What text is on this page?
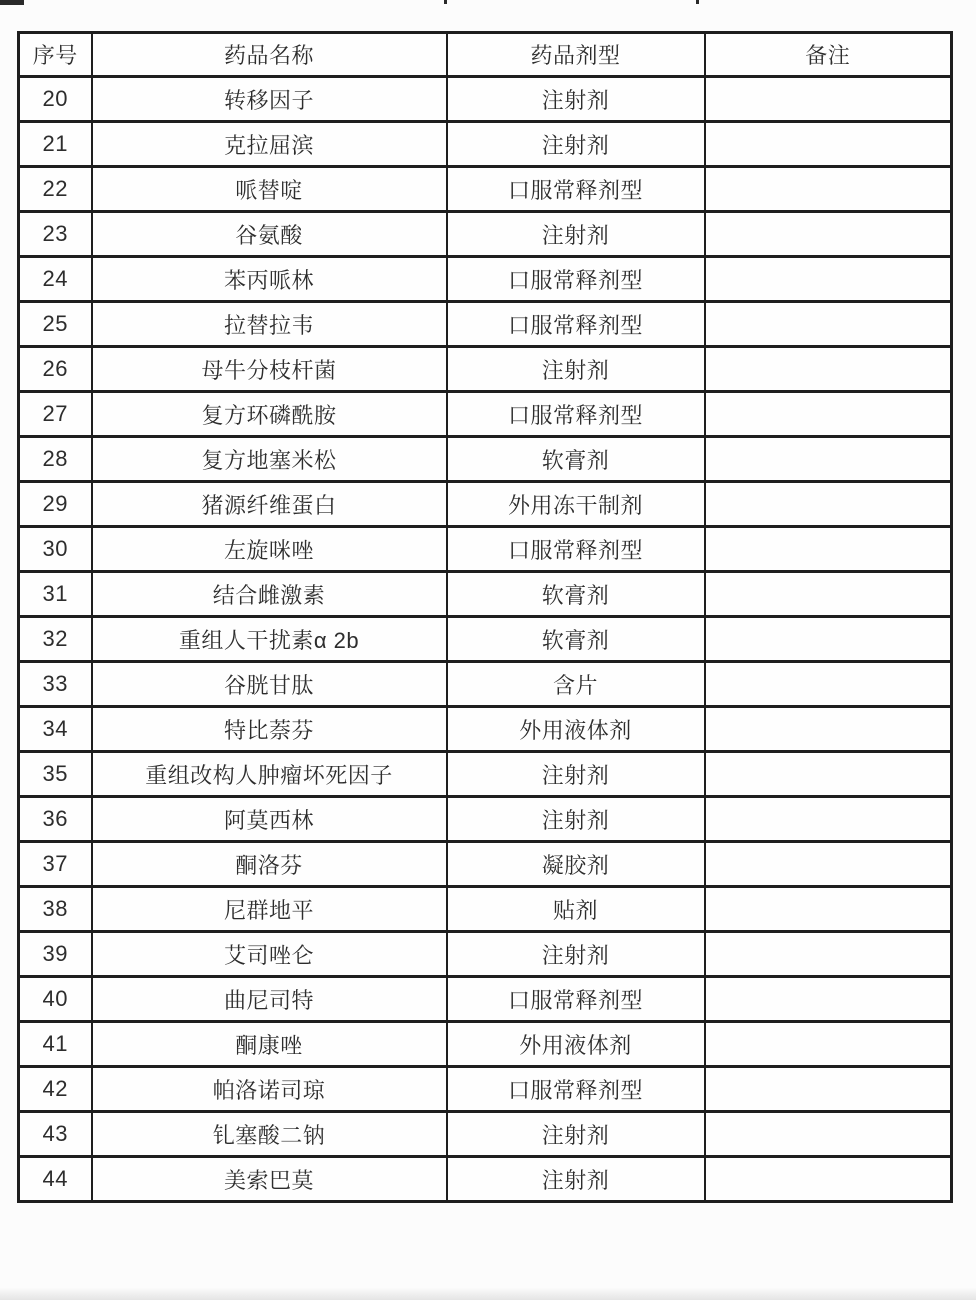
序号	药品名称	药品剂型	备注
20	转移因子	注射剂	
21	克拉屈滨	注射剂	
22	哌替啶	口服常释剂型	
23	谷氨酸	注射剂	
24	苯丙哌林	口服常释剂型	
25	拉替拉韦	口服常释剂型	
26	母牛分枝杆菌	注射剂	
27	复方环磷酰胺	口服常释剂型	
28	复方地塞米松	软膏剂	
29	猪源纤维蛋白	外用冻干制剂	
30	左旋咪唑	口服常释剂型	
31	结合雌激素	软膏剂	
32	重组人干扰素α 2b	软膏剂	
33	谷胱甘肽	含片	
34	特比萘芬	外用液体剂	
35	重组改构人肿瘤坏死因子	注射剂	
36	阿莫西林	注射剂	
37	酮洛芬	凝胶剂	
38	尼群地平	贴剂	
39	艾司唑仑	注射剂	
40	曲尼司特	口服常释剂型	
41	酮康唑	外用液体剂	
42	帕洛诺司琼	口服常释剂型	
43	钆塞酸二钠	注射剂	
44	美索巴莫	注射剂	
